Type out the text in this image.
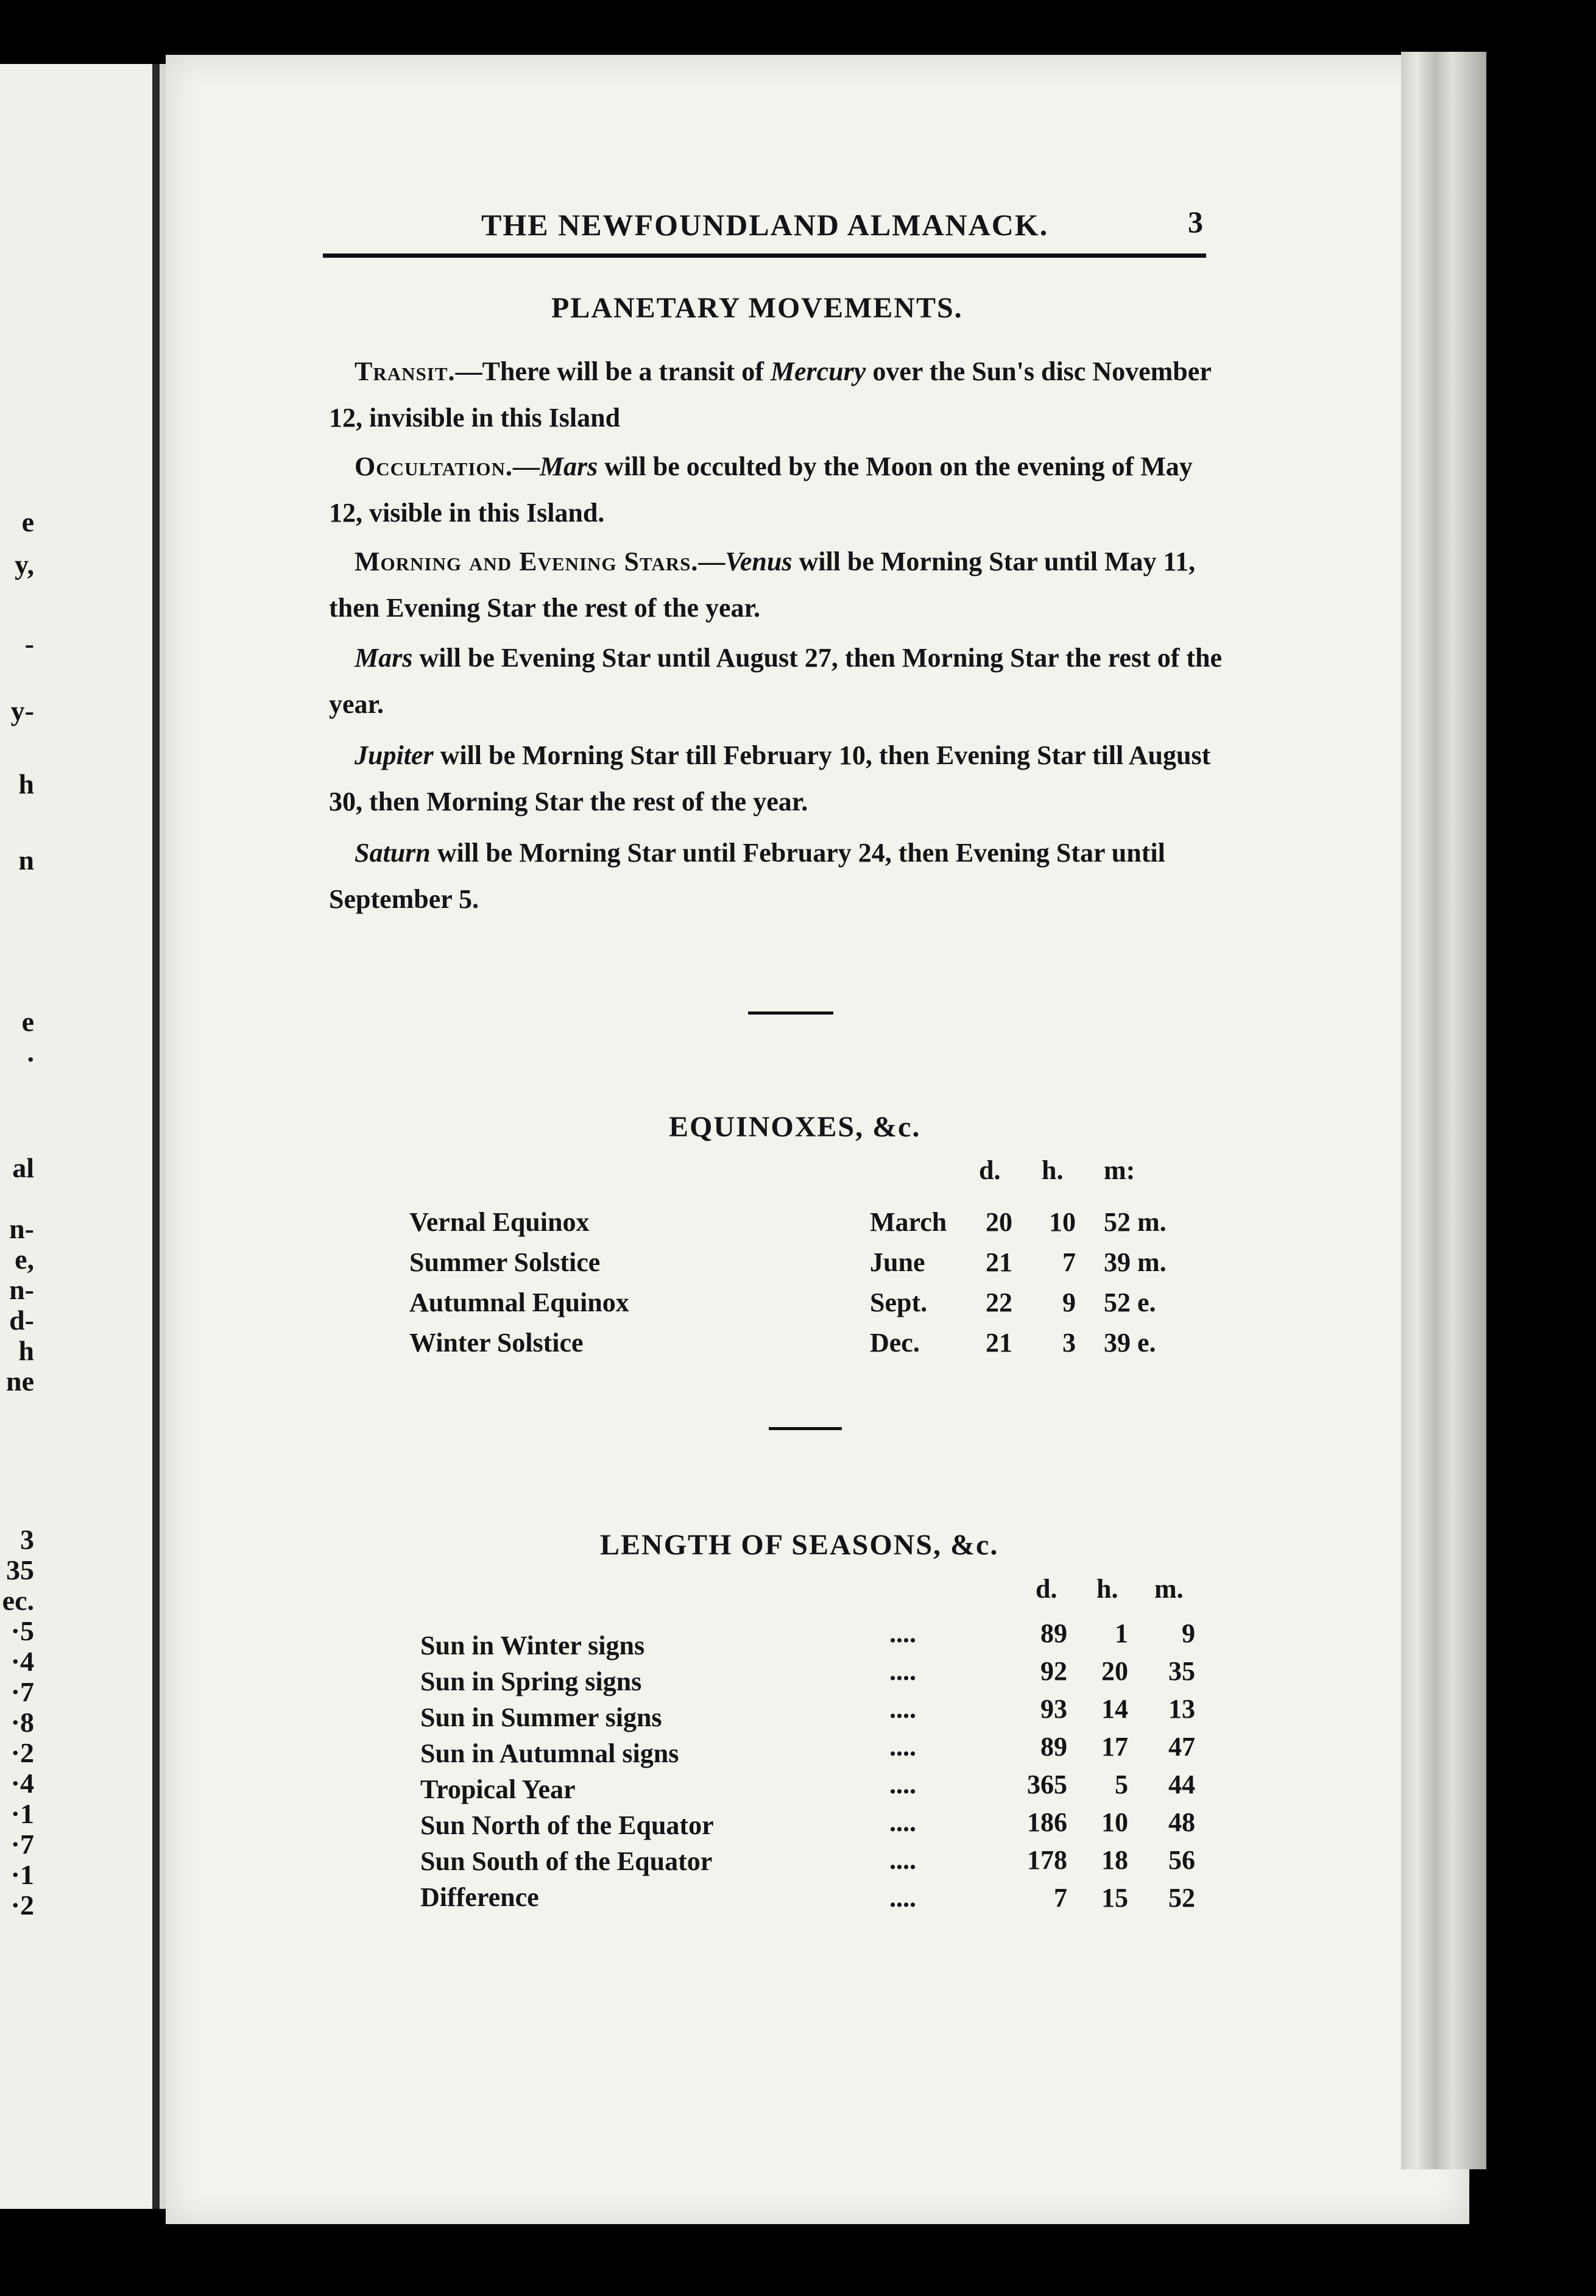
e
y,
-
y-
h
n
e
.
al
n-
e,
n-
d-
h
ne
3
35
ec.
·5
·4
·7
·8
·2
·4
·1
·7
·1
·2
THE NEWFOUNDLAND ALMANACK.	3
PLANETARY MOVEMENTS.
Transit.—There will be a transit of Mercury over the Sun's disc November 12, invisible in this Island
Occultation.—Mars will be occulted by the Moon on the evening of May 12, visible in this Island.
Morning and Evening Stars.—Venus will be Morning Star until May 11, then Evening Star the rest of the year.
Mars will be Evening Star until August 27, then Morning Star the rest of the year.
Jupiter will be Morning Star till February 10, then Evening Star till August 30, then Morning Star the rest of the year.
Saturn will be Morning Star until February 24, then Evening Star until September 5.
EQUINOXES, &c.
d. h. m:
Vernal Equinox	March	20	10 52 m.
Summer Solstice	June	21	7 39 m.
Autumnal Equinox	Sept.	22	9 52 e.
Winter Solstice	Dec.	21	3 39 e.
LENGTH OF SEASONS, &c.
d. h. m.
Sun in Winter signs	....	89	1	9
Sun in Spring signs	....	92	20	35
Sun in Summer signs	....	93	14	13
Sun in Autumnal signs	....	89	17	47
Tropical Year	....	365	5	44
Sun North of the Equator	....	186	10	48
Sun South of the Equator	....	178	18	56
Difference	....	7	15	52
